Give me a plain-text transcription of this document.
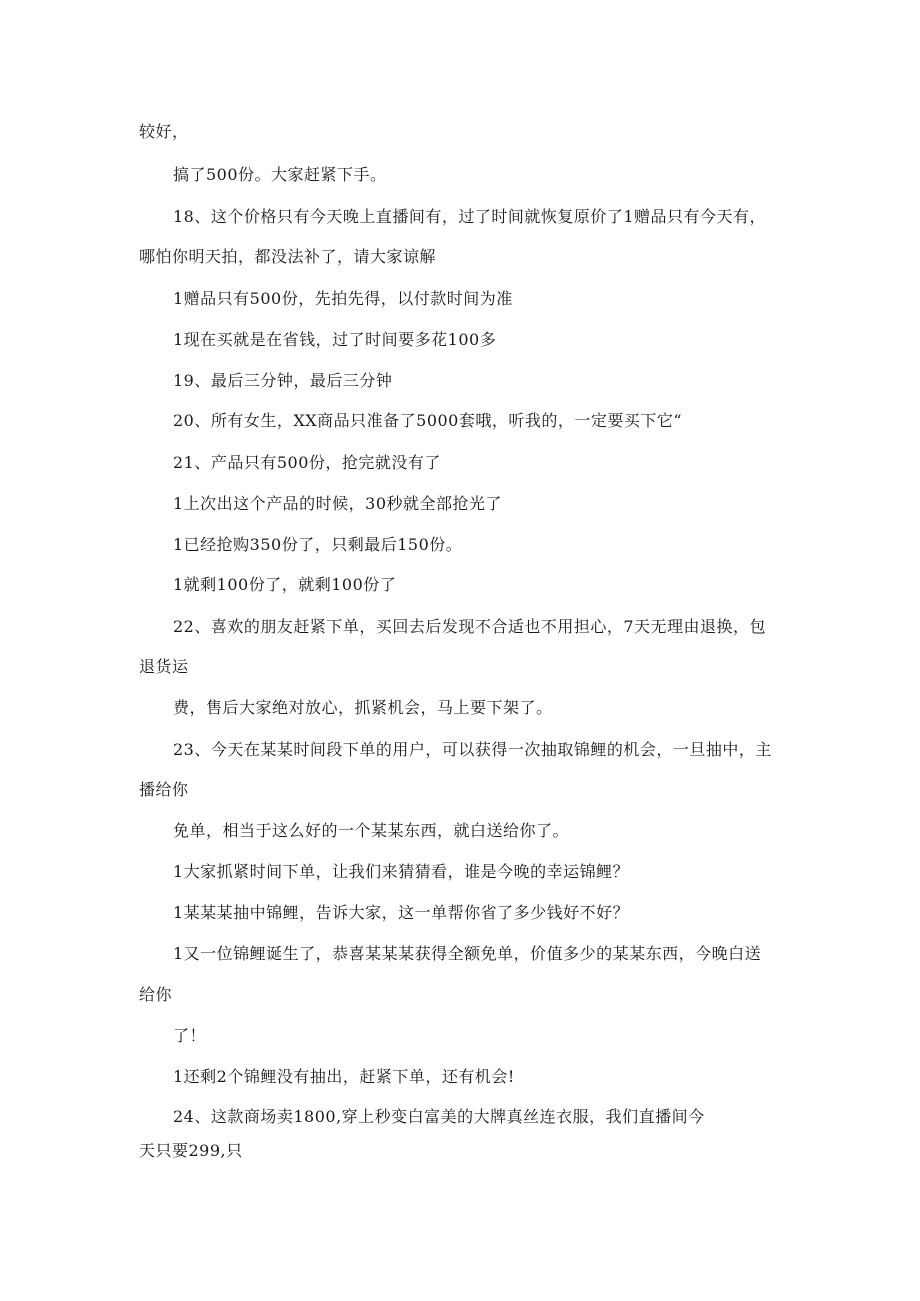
较好，
搞了500份。大家赶紧下手。
18、这个价格只有今天晚上直播间有，过了时间就恢复原价了1赠品只有今天有，
哪怕你明天拍，都没法补了，请大家谅解
1赠品只有500份，先拍先得，以付款时间为准
1现在买就是在省钱，过了时间要多花100多
19、最后三分钟，最后三分钟
20、所有女生，XX商品只准备了5000套哦，听我的，一定要买下它“
21、产品只有500份，抢完就没有了
1上次出这个产品的时候，30秒就全部抢光了
1已经抢购350份了，只剩最后150份。
1就剩100份了，就剩100份了
22、喜欢的朋友赶紧下单，买回去后发现不合适也不用担心，7天无理由退换，包
退货运
费，售后大家绝对放心，抓紧机会，马上要下架了。
23、今天在某某时间段下单的用户，可以获得一次抽取锦鲤的机会，一旦抽中，主
播给你
免单，相当于这么好的一个某某东西，就白送给你了。
1大家抓紧时间下单，让我们来猜猜看，谁是今晚的幸运锦鲤？
1某某某抽中锦鲤，告诉大家，这一单帮你省了多少钱好不好？
1又一位锦鲤诞生了，恭喜某某某获得全额免单，价值多少的某某东西，今晚白送
给你
了！
1还剩2个锦鲤没有抽出，赶紧下单，还有机会!
24、这款商场卖1800,穿上秒变白富美的大牌真丝连衣服，我们直播间今
天只要299,只
